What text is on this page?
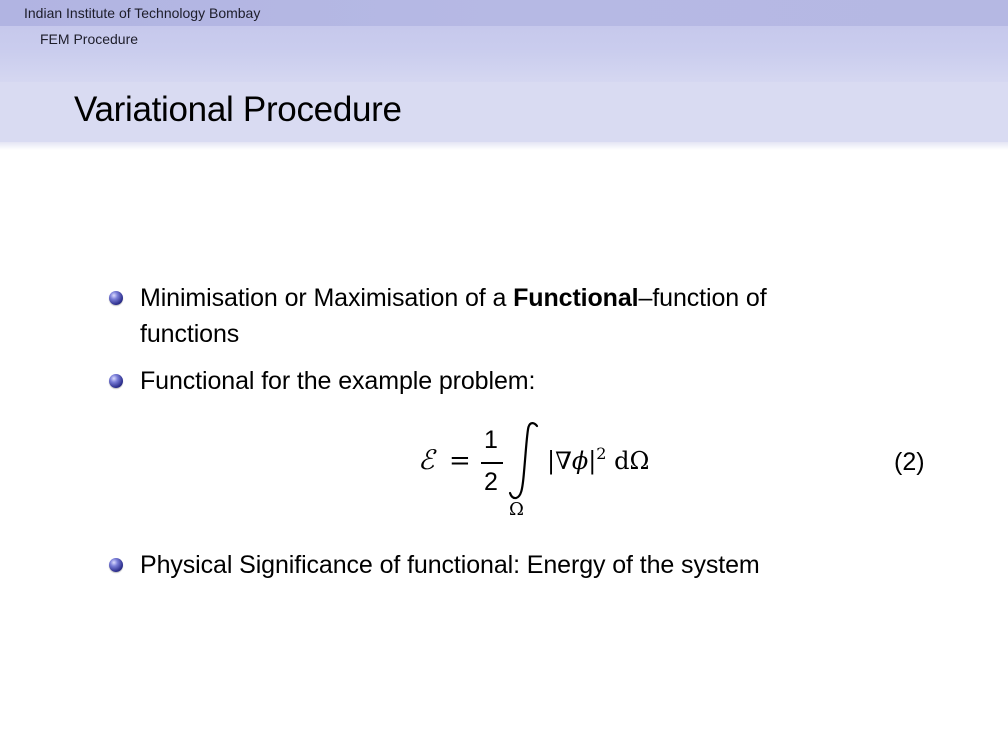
Indian Institute of Technology Bombay
FEM Procedure
Variational Procedure
Minimisation or Maximisation of a Functional–function of
functions
Functional for the example problem:
ℰ =
1
2
Ω
$|\nabla\phi|^2$ dΩ	(2)
Physical Significance of functional: Energy of the system
